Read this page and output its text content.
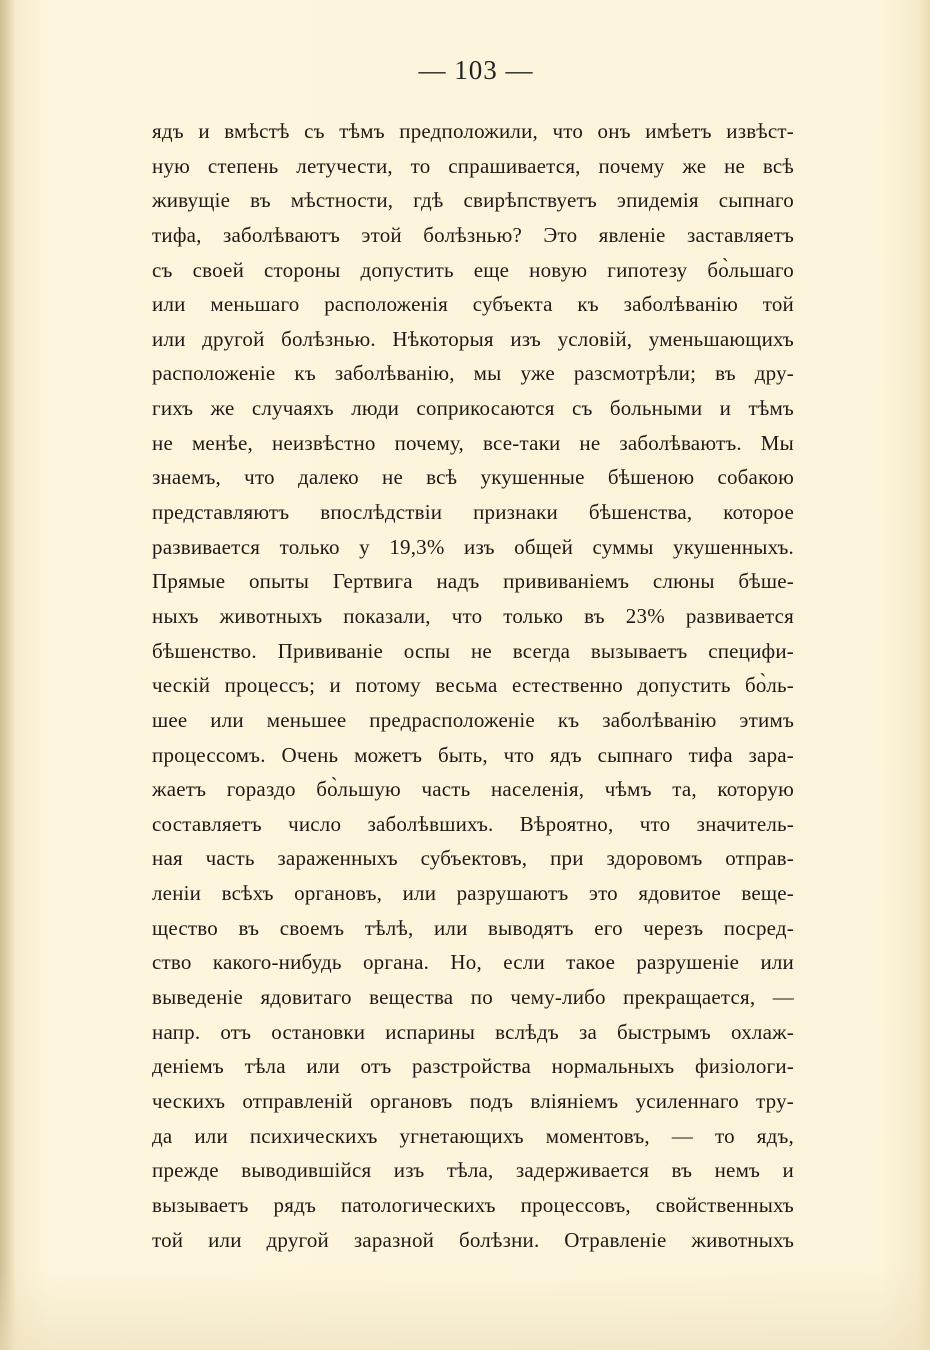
— 103 —
ядъ и вмѣстѣ съ тѣмъ предположили, что онъ имѣетъ извѣст-
ную степень летучести, то спрашивается, почему же не всѣ
живущіе въ мѣстности, гдѣ свирѣпствуетъ эпидемія сыпнаго
тифа, заболѣваютъ этой болѣзнью? Это явленіе заставляетъ
съ своей стороны допустить еще новую гипотезу бо̀льшаго
или меньшаго расположенія субъекта къ заболѣванію той
или другой болѣзнью. Нѣкоторыя изъ условій, уменьшающихъ
расположеніе къ заболѣванію, мы уже разсмотрѣли; въ дру-
гихъ же случаяхъ люди соприкосаются съ больными и тѣмъ
не менѣе, неизвѣстно почему, все-таки не заболѣваютъ. Мы
знаемъ, что далеко не всѣ укушенные бѣшеною собакою
представляютъ впослѣдствіи признаки бѣшенства, которое
развивается только у 19,3% изъ общей суммы укушенныхъ.
Прямые опыты Гертвига надъ прививаніемъ слюны бѣше-
ныхъ животныхъ показали, что только въ 23% развивается
бѣшенство. Прививаніе оспы не всегда вызываетъ специфи-
ческій процессъ; и потому весьма естественно допустить бо̀ль-
шее или меньшее предрасположеніе къ заболѣванію этимъ
процессомъ. Очень можетъ быть, что ядъ сыпнаго тифа зара-
жаетъ гораздо бо̀льшую часть населенія, чѣмъ та, которую
составляетъ число заболѣвшихъ. Вѣроятно, что значитель-
ная часть зараженныхъ субъектовъ, при здоровомъ отправ-
леніи всѣхъ органовъ, или разрушаютъ это ядовитое веще-
щество въ своемъ тѣлѣ, или выводятъ его черезъ посред-
ство какого-нибудь органа. Но, если такое разрушеніе или
выведеніе ядовитаго вещества по чему-либо прекращается, —
напр. отъ остановки испарины вслѣдъ за быстрымъ охлаж-
деніемъ тѣла или отъ разстройства нормальныхъ физіологи-
ческихъ отправленій органовъ подъ вліяніемъ усиленнаго тру-
да или психическихъ угнетающихъ моментовъ, — то ядъ,
прежде выводившійся изъ тѣла, задерживается въ немъ и
вызываетъ рядъ патологическихъ процессовъ, свойственныхъ
той или другой заразной болѣзни. Отравленіе животныхъ
